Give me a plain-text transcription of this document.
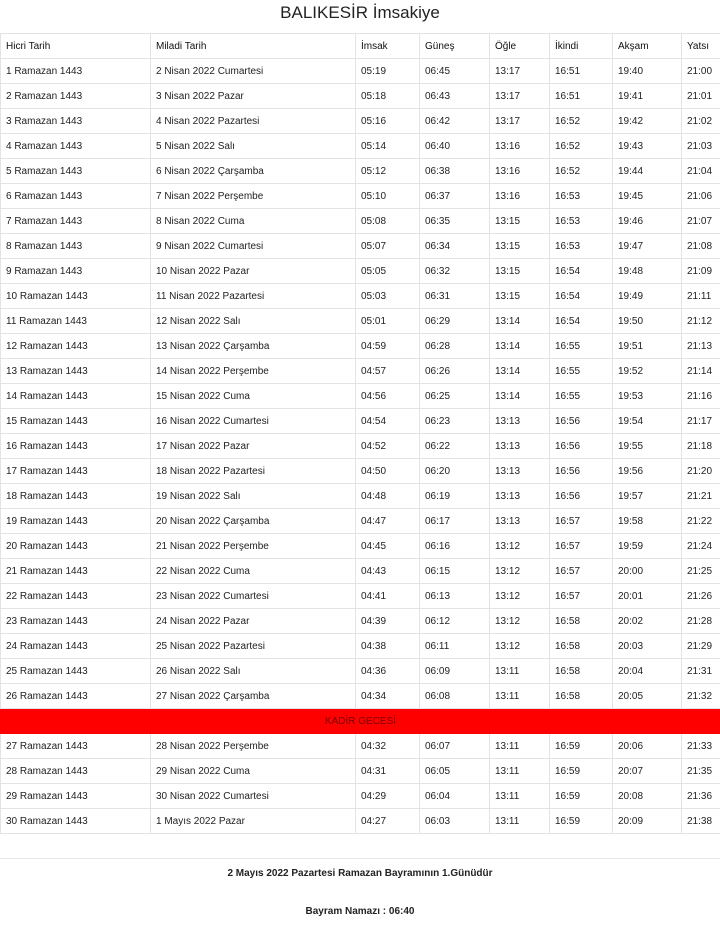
BALIKESİR İmsakiye
Hicri Tarih	Miladi Tarih	İmsak	Güneş	Öğle	İkindi	Akşam	Yatsı
1 Ramazan 1443	2 Nisan 2022 Cumartesi	05:19	06:45	13:17	16:51	19:40	21:00
2 Ramazan 1443	3 Nisan 2022 Pazar	05:18	06:43	13:17	16:51	19:41	21:01
3 Ramazan 1443	4 Nisan 2022 Pazartesi	05:16	06:42	13:17	16:52	19:42	21:02
4 Ramazan 1443	5 Nisan 2022 Salı	05:14	06:40	13:16	16:52	19:43	21:03
5 Ramazan 1443	6 Nisan 2022 Çarşamba	05:12	06:38	13:16	16:52	19:44	21:04
6 Ramazan 1443	7 Nisan 2022 Perşembe	05:10	06:37	13:16	16:53	19:45	21:06
7 Ramazan 1443	8 Nisan 2022 Cuma	05:08	06:35	13:15	16:53	19:46	21:07
8 Ramazan 1443	9 Nisan 2022 Cumartesi	05:07	06:34	13:15	16:53	19:47	21:08
9 Ramazan 1443	10 Nisan 2022 Pazar	05:05	06:32	13:15	16:54	19:48	21:09
10 Ramazan 1443	11 Nisan 2022 Pazartesi	05:03	06:31	13:15	16:54	19:49	21:11
11 Ramazan 1443	12 Nisan 2022 Salı	05:01	06:29	13:14	16:54	19:50	21:12
12 Ramazan 1443	13 Nisan 2022 Çarşamba	04:59	06:28	13:14	16:55	19:51	21:13
13 Ramazan 1443	14 Nisan 2022 Perşembe	04:57	06:26	13:14	16:55	19:52	21:14
14 Ramazan 1443	15 Nisan 2022 Cuma	04:56	06:25	13:14	16:55	19:53	21:16
15 Ramazan 1443	16 Nisan 2022 Cumartesi	04:54	06:23	13:13	16:56	19:54	21:17
16 Ramazan 1443	17 Nisan 2022 Pazar	04:52	06:22	13:13	16:56	19:55	21:18
17 Ramazan 1443	18 Nisan 2022 Pazartesi	04:50	06:20	13:13	16:56	19:56	21:20
18 Ramazan 1443	19 Nisan 2022 Salı	04:48	06:19	13:13	16:56	19:57	21:21
19 Ramazan 1443	20 Nisan 2022 Çarşamba	04:47	06:17	13:13	16:57	19:58	21:22
20 Ramazan 1443	21 Nisan 2022 Perşembe	04:45	06:16	13:12	16:57	19:59	21:24
21 Ramazan 1443	22 Nisan 2022 Cuma	04:43	06:15	13:12	16:57	20:00	21:25
22 Ramazan 1443	23 Nisan 2022 Cumartesi	04:41	06:13	13:12	16:57	20:01	21:26
23 Ramazan 1443	24 Nisan 2022 Pazar	04:39	06:12	13:12	16:58	20:02	21:28
24 Ramazan 1443	25 Nisan 2022 Pazartesi	04:38	06:11	13:12	16:58	20:03	21:29
25 Ramazan 1443	26 Nisan 2022 Salı	04:36	06:09	13:11	16:58	20:04	21:31
26 Ramazan 1443	27 Nisan 2022 Çarşamba	04:34	06:08	13:11	16:58	20:05	21:32
KADİR GECESİ							
27 Ramazan 1443	28 Nisan 2022 Perşembe	04:32	06:07	13:11	16:59	20:06	21:33
28 Ramazan 1443	29 Nisan 2022 Cuma	04:31	06:05	13:11	16:59	20:07	21:35
29 Ramazan 1443	30 Nisan 2022 Cumartesi	04:29	06:04	13:11	16:59	20:08	21:36
30 Ramazan 1443	1 Mayıs 2022 Pazar	04:27	06:03	13:11	16:59	20:09	21:38
2 Mayıs 2022 Pazartesi Ramazan Bayramının 1.Günüdür
Bayram Namazı : 06:40
